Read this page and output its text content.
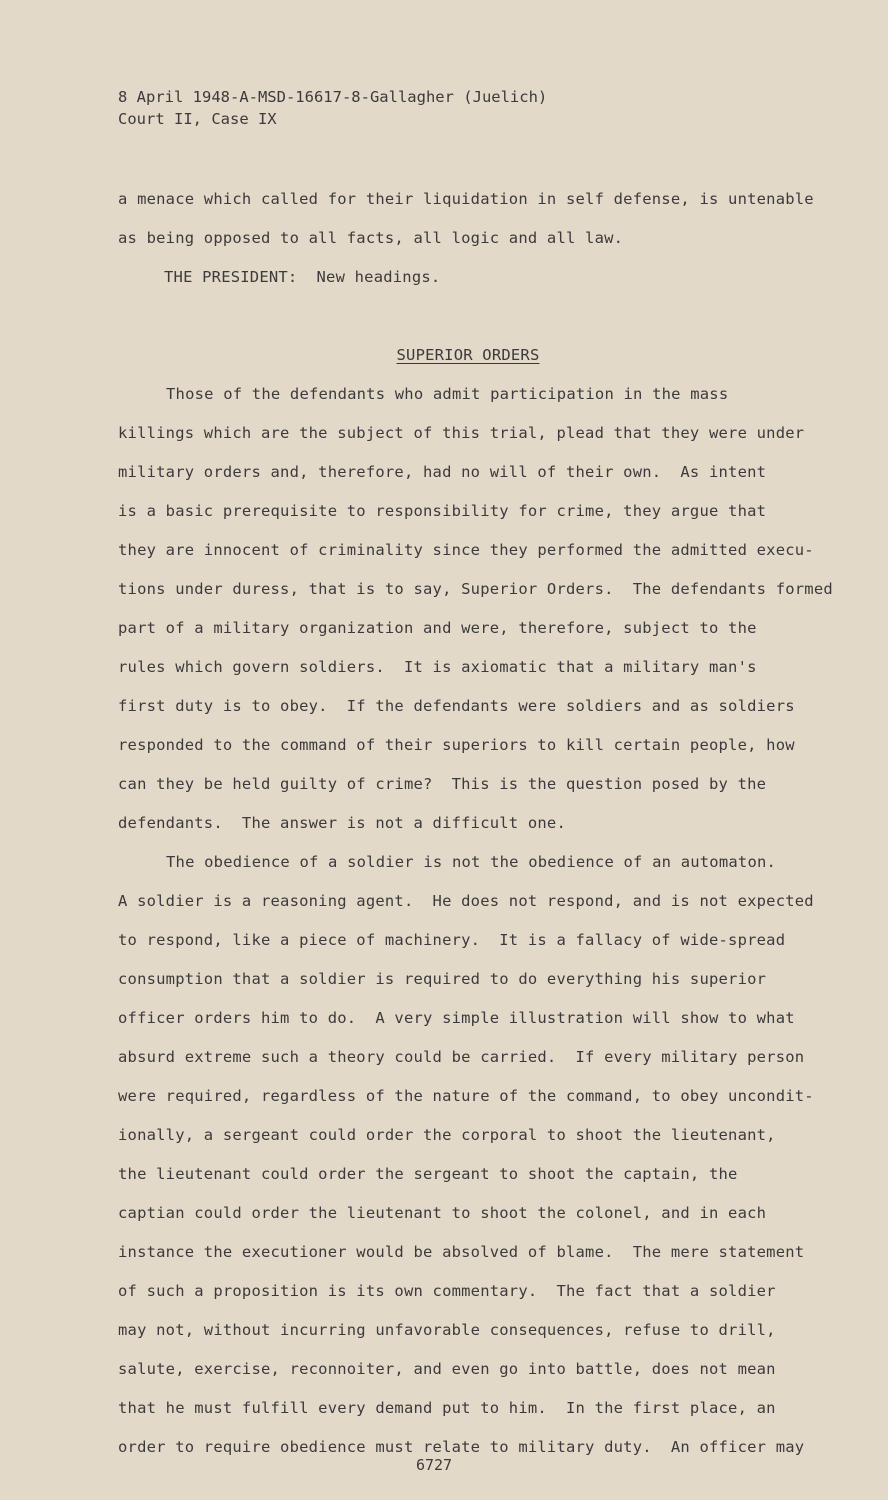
8 April 1948-A-MSD-16617-8-Gallagher (Juelich)
Court II, Case IX
a menace which called for their liquidation in self defense, is untenable
as being opposed to all facts, all logic and all law.
THE PRESIDENT:  New headings.
SUPERIOR ORDERS
Those of the defendants who admit participation in the mass
killings which are the subject of this trial, plead that they were under
military orders and, therefore, had no will of their own.  As intent
is a basic prerequisite to responsibility for crime, they argue that
they are innocent of criminality since they performed the admitted execu-
tions under duress, that is to say, Superior Orders.  The defendants formed
part of a military organization and were, therefore, subject to the
rules which govern soldiers.  It is axiomatic that a military man's
first duty is to obey.  If the defendants were soldiers and as soldiers
responded to the command of their superiors to kill certain people, how
can they be held guilty of crime?  This is the question posed by the
defendants.  The answer is not a difficult one.
The obedience of a soldier is not the obedience of an automaton.
A soldier is a reasoning agent.  He does not respond, and is not expected
to respond, like a piece of machinery.  It is a fallacy of wide-spread
consumption that a soldier is required to do everything his superior
officer orders him to do.  A very simple illustration will show to what
absurd extreme such a theory could be carried.  If every military person
were required, regardless of the nature of the command, to obey uncondit-
ionally, a sergeant could order the corporal to shoot the lieutenant,
the lieutenant could order the sergeant to shoot the captain, the
captian could order the lieutenant to shoot the colonel, and in each
instance the executioner would be absolved of blame.  The mere statement
of such a proposition is its own commentary.  The fact that a soldier
may not, without incurring unfavorable consequences, refuse to drill,
salute, exercise, reconnoiter, and even go into battle, does not mean
that he must fulfill every demand put to him.  In the first place, an
order to require obedience must relate to military duty.  An officer may
6727
